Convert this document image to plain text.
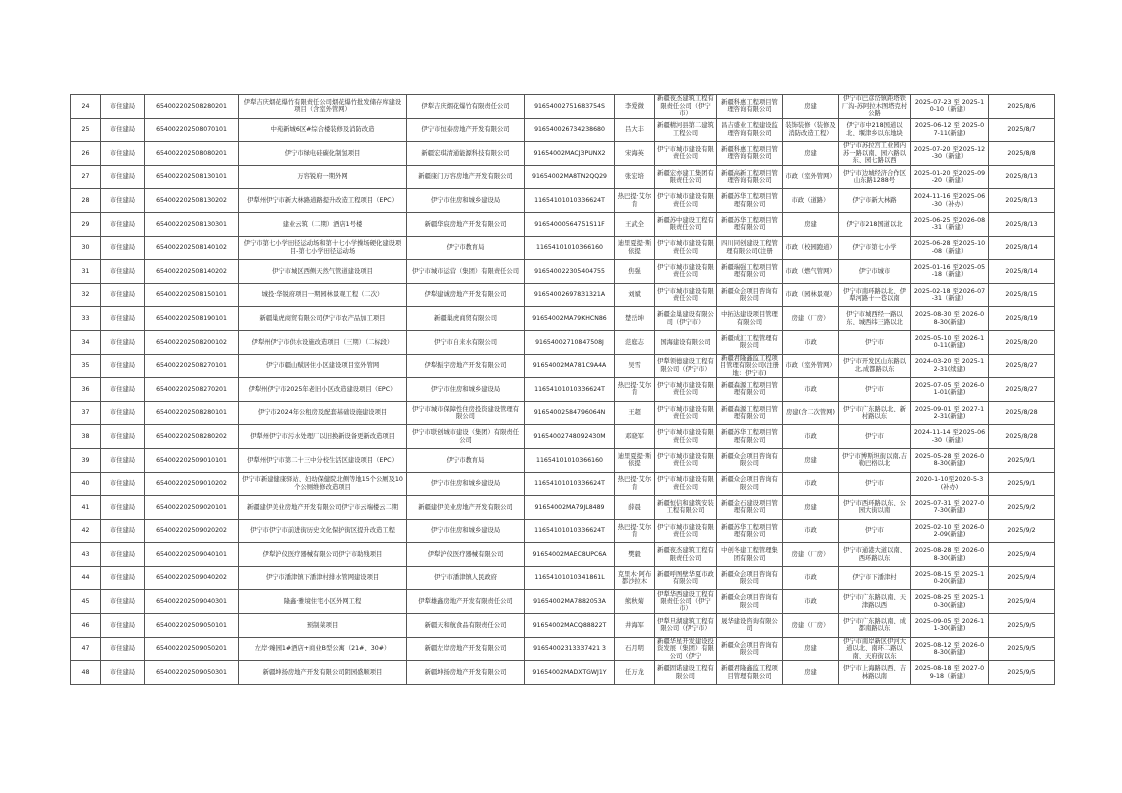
24	市住建局	654002202508280201	伊犁吉庆烟花爆竹有限责任公司烟花爆竹批发储存库建设项目（含室外管网）	伊犁吉庆烟花爆竹有限责任公司	91654002751683754S	李爱微	新疆夜杰建筑工程有限责任公司（伊宁市）	新疆科惠工程项目管理咨询有限公司	房建	伊宁市巴彦岱镇距塔铁厂沟-苏阿拉木图塔克村公路	2025-07-23 至 2025-10-10（新建）	2025/8/6
25	市住建局	654002202508070101	中苑新城6区#综合楼装修及消防改造	伊宁市恒泰房地产开发有限公司	916540026734238680	吕大丰	新疆精河县第二建筑工程公司	昌吉盛业工程建设监理咨询有限公司	装饰装修（装修及消防改造工程）	伊宁市中218国道以北、堰津乡以东地块	2025-06-12 至 2025-07-11(新建)	2025/8/7
26	市住建局	654002202508080201	伊宁市绿电硅碳化制氢项目	新疆宏琪清通能源科技有限公司	91654002MACJ3PUNX2	宋海英	伊宁市城市建设有限责任公司	新疆科惠工程项目管理咨询有限公司	房建	伊宁市苏拉宫工业园内苏一路以南、园六路以东、园七路以西	2025-07-20 至2025-12-30（新建）	2025/8/8
27	市住建局	654002202508130101	万容锐府一期外网	新疆康门万容房地产开发有限公司	91654002MA8TN2QQ29	张宏培	新疆宏亦建工集团有限责任公司	新疆高新工程项目管理咨询有限公司	市政（室外管网）	伊宁市边城经济合作区山东路1288号	2025-01-20 至2025-09-20（新建）	2025/8/13
28	市住建局	654002202508130202	伊犁州伊宁市新大林路道路提升改造工程项目（EPC）	伊宁市住房和城乡建设局	11654101010336624T	热巴提·艾尔肯	伊宁市城市建设有限责任公司	新疆苏华工程项目管理有限公司	市政（道路）	伊宁市新大林路	2024-11-16 至2025-06-30（补办）	2025/8/13
29	市住建局	654002202508130301	建业云筑（二期）酒店1号楼	新疆华宸房地产开发有限公司	91654000564751S11F	王武全	新疆苏中建设工程有限责任公司	新疆苏华工程项目管理有限公司	房建	伊宁市218国道以北	2025-06-25 至2026-08-31（新建）	2025/8/13
30	市住建局	654002202508140102	伊宁市第七小学田径运动场和第十七小学操场硬化建设项目-第七小学田径运动场	伊宁市教育局	11654101010366160	迪里夏提·斯依提	伊宁市城市建设有限责任公司	四川同创建设工程管理有限公司(注册	市政（校园跑道）	伊宁市第七小学	2025-06-28 至2025-10-08（新建）	2025/8/14
31	市住建局	654002202508140202	伊宁市城区西侧天然气管道建设项目	伊宁市城市运营（集团）有限责任公司	916540022305404755	焦强	伊宁市城市建设有限责任公司	新疆瑞强工程项目管理有限公司	市政（燃气管网）	伊宁市城市	2025-01-16 至2025-05-18（新建）	2025/8/14
32	市住建局	654002202508150101	城投·华锐府项目一期园林景观工程（二次）	伊犁建诚房地产开发有限公司	91654002697831321A	刘斌	伊宁市城市建设有限责任公司	新疆众会项目咨询有限公司	市政（园林景观）	伊宁市南环路以北、伊犁河路十一巷以南	2025-02-18 至2026-07-31（新建）	2025/8/15
33	市住建局	654002202508190101	新疆巢虎商贸有限公司伊宁市农产品加工项目	新疆巢虎商贸有限公司	91654002MA79KHCN86	楚岳坤	新疆金巢建设有限公司（伊宁市）	中拓达建设项目管理有限公司	房建（厂房）	伊宁市城西经一路以东、城西纬三路以北	2025-08-30 至 2026-08-30(新建)	2025/8/19
34	市住建局	654002202508200102	伊犁州伊宁市供水设施改造项目（三期）（二标段）	伊宁市自来水有限公司	91654002710847508J	范庭志	国海建设有限公司	新疆成汇工程管理有限公司	市政	伊宁市	2025-05-10 至 2026-10-11(新建)	2025/8/20
35	市住建局	654002202508270101	伊宁市疆山赋居住小区建设项目室外管网	伊犁振宇房地产开发有限公司	91654002MA781C9A4A	吴雪	伊犁领德建设工程有限公司（伊宁市）	新疆君隆鑫监工程项目管理有限公司(注册地：伊宁市)	市政（室外管网）	伊宁市开发区山东路以北,成都路以东	2024-03-20 至 2025-12-31(续建)	2025/8/27
36	市住建局	654002202508270201	伊犁州伊宁市2025年老旧小区改造建设项目（EPC）	伊宁市住房和城乡建设局	11654101010336624T	热巴提·艾尔肯	伊宁市城市建设有限责任公司	新疆森源工程项目管理有限公司	市政	伊宁市	2025-07-05 至 2026-01-01(新建)	2025/8/27
37	市住建局	654002202508280101	伊宁市2024年公租房及配套基础设施建设项目	伊宁市城市保障性住房投资建设管理有限公司	91654002584796064N	王超	伊宁市城市建设有限责任公司	新疆森源工程项目管理有限公司	房建(含二次管网)	伊宁市广东路以北、新村路以东	2025-09-01 至 2027-12-31(新建)	2025/8/28
38	市住建局	654002202508280202	伊犁州伊宁市污水处理厂以旧换新设备更新改造项目	伊宁市联创城市建设（集团）有限责任公司	91654002748092430M	邓晓军	伊宁市城市建设有限责任公司	新疆苏华工程项目管理有限公司	市政	伊宁市	2024-11-14 至2025-06-30（新建）	2025/8/28
39	市住建局	654002202509010101	伊犁州伊宁市第二十三中分校生活区建设项目（EPC）	伊宁市教育局	11654101010366160	迪里夏提·斯依提	伊宁市城市建设有限责任公司	新疆众会项目咨询有限公司	房建	伊宁市博斯坦街以南,吉勒巴格以北	2025-05-28 至 2026-08-30(新建)	2025/9/1
40	市住建局	654002202509010202	伊宁市新建健康驿站、妇幼保健院北侧等地15个公厕及10个公厕维修改造项目	伊宁市住房和城乡建设局	11654101010336624T	热巴提·艾尔肯	伊宁市城市建设有限责任公司	新疆众会项目咨询有限公司	市政	伊宁市	2020-1-10至2020-5-3(补办)	2025/9/1
41	市住建局	654002202509020101	新疆建伊美业房地产开发有限公司伊宁市云端楼云二期	新疆建伊美业房地产开发有限公司	91654002MA79JL8489	薛晨	新疆恒信和建筑安装工程有限公司	新疆金石建设项目管理有限公司	房建	伊宁市西环路以东、公园大街以南	2025-07-31 至 2027-07-30(新建)	2025/9/2
42	市住建局	654002202509020202	伊宁市伊宁市前进街历史文化保护街区提升改造工程	伊宁市住房和城乡建设局	11654101010336624T	热巴提·艾尔肯	伊宁市城市建设有限责任公司	新疆苏华工程项目管理有限公司	市政	伊宁市	2025-02-10 至 2026-02-09(新建)	2025/9/2
43	市住建局	654002202509040101	伊犁沪仪医疗器械有限公司伊宁市助残项目	伊犁沪仪医疗器械有限公司	91654002MAEC8UPC6A	樊毅	新疆夜杰建筑工程有限责任公司	中创冬建工程管理集团有限公司	房建（厂房）	伊宁市通港大道以南、西环路以东	2025-08-28 至 2026-08-30(新建)	2025/9/4
44	市住建局	654002202509040202	伊宁市潘津镇下潘津村排水管网建设项目	伊宁市潘津镇人民政府	11654101010341861L	克里木·阿布都沙拉木	新疆呼图壁华夏市政有限公司	新疆众会项目咨询有限公司	市政	伊宁市下潘津村	2025-08-15 至 2025-10-20(新建)	2025/9/4
45	市住建局	654002202509040301	隆鑫·雅境住宅小区外网工程	伊犁雄鑫房地产开发有限责任公司	91654002MA7882053A	熊秋菊	伊犁华西建设工程有限责任公司（伊宁市）	新疆众会项目咨询有限公司	市政	伊宁市广东路以南、天津路以西	2025-08-25 至 2025-10-30(新建)	2025/9/4
46	市住建局	654002202509050101	预制菜项目	新疆天和航食品有限责任公司	91654002MACQ88822T	井海军	伊犁旦湖建筑工程有限公司（伊宁市）	晟华建设咨询有限公司	房建（厂房）	伊宁市广东路以南、成都南路以东	2025-09-05 至 2026-11-30(新建)	2025/9/5
47	市住建局	654002202509050201	左岸·臻园1#酒店+商业B型公寓（21#、30#）	新疆左岸房地产开发有限公司	91654002313337421 3	石月明	新疆华星开发建设投资发展（集团）有限公司（伊宁	新疆众会项目咨询有限公司	房建	伊宁市南岸新区伊河大道以北、南环二路以南、天府街以东	2025-08-12 至 2026-08-30(新建)	2025/9/5
48	市住建局	654002202509050301	新疆坤扬房地产开发有限公司阴园盛顺项目	新疆坤扬房地产开发有限公司	91654002MADXTGWJ1Y	任万龙	新疆固诺建设工程有限公司	新疆君隆鑫监工程项目管理有限公司	房建	伊宁市上海路以西、吉林路以南	2025-08-18 至 2027-09-18（新建）	2025/9/5
